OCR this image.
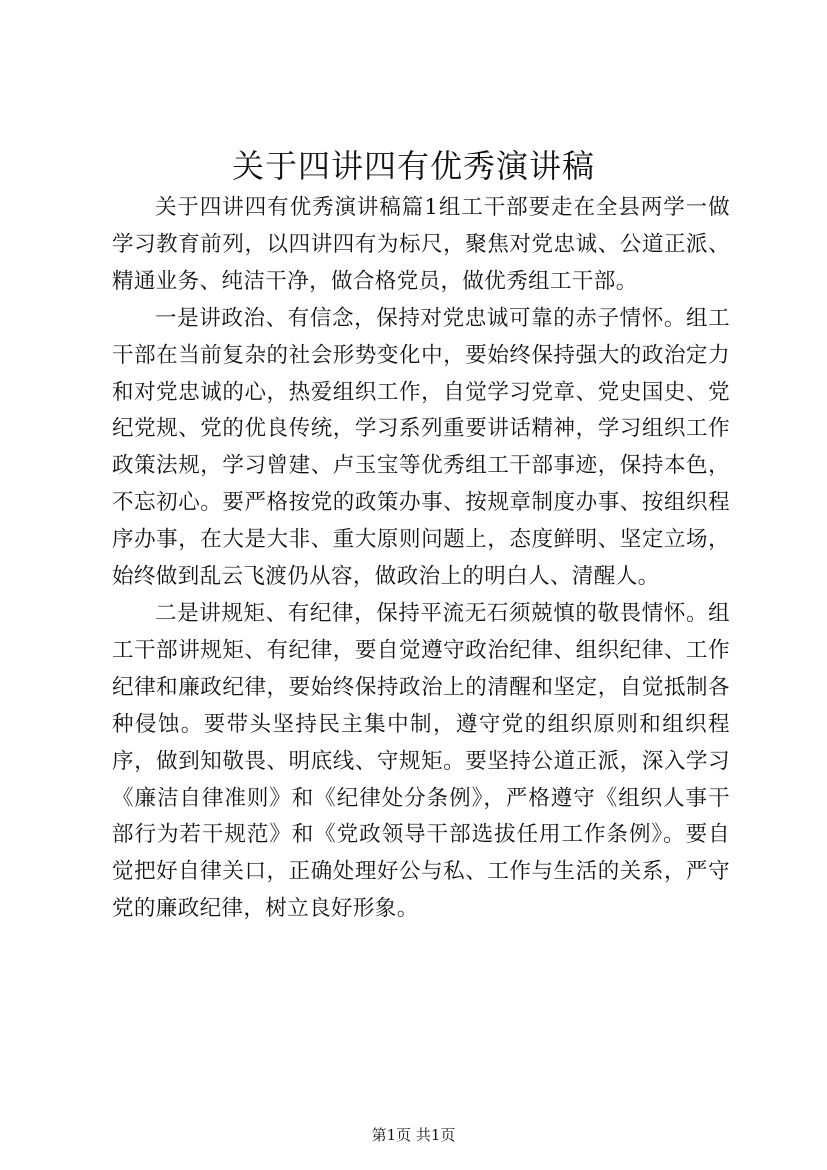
关于四讲四有优秀演讲稿

关于四讲四有优秀演讲稿篇1组工干部要走在全县两学一做学习教育前列，以四讲四有为标尺，聚焦对党忠诚、公道正派、精通业务、纯洁干净，做合格党员，做优秀组工干部。

一是讲政治、有信念，保持对党忠诚可靠的赤子情怀。组工干部在当前复杂的社会形势变化中，要始终保持强大的政治定力和对党忠诚的心，热爱组织工作，自觉学习党章、党史国史、党纪党规、党的优良传统，学习系列重要讲话精神，学习组织工作政策法规，学习曾建、卢玉宝等优秀组工干部事迹，保持本色，不忘初心。要严格按党的政策办事、按规章制度办事、按组织程序办事，在大是大非、重大原则问题上，态度鲜明、坚定立场，始终做到乱云飞渡仍从容，做政治上的明白人、清醒人。

二是讲规矩、有纪律，保持平流无石须兢慎的敬畏情怀。组工干部讲规矩、有纪律，要自觉遵守政治纪律、组织纪律、工作纪律和廉政纪律，要始终保持政治上的清醒和坚定，自觉抵制各种侵蚀。要带头坚持民主集中制，遵守党的组织原则和组织程序，做到知敬畏、明底线、守规矩。要坚持公道正派，深入学习《廉洁自律准则》和《纪律处分条例》，严格遵守《组织人事干部行为若干规范》和《党政领导干部选拔任用工作条例》。要自觉把好自律关口，正确处理好公与私、工作与生活的关系，严守党的廉政纪律，树立良好形象。

第1页 共1页
